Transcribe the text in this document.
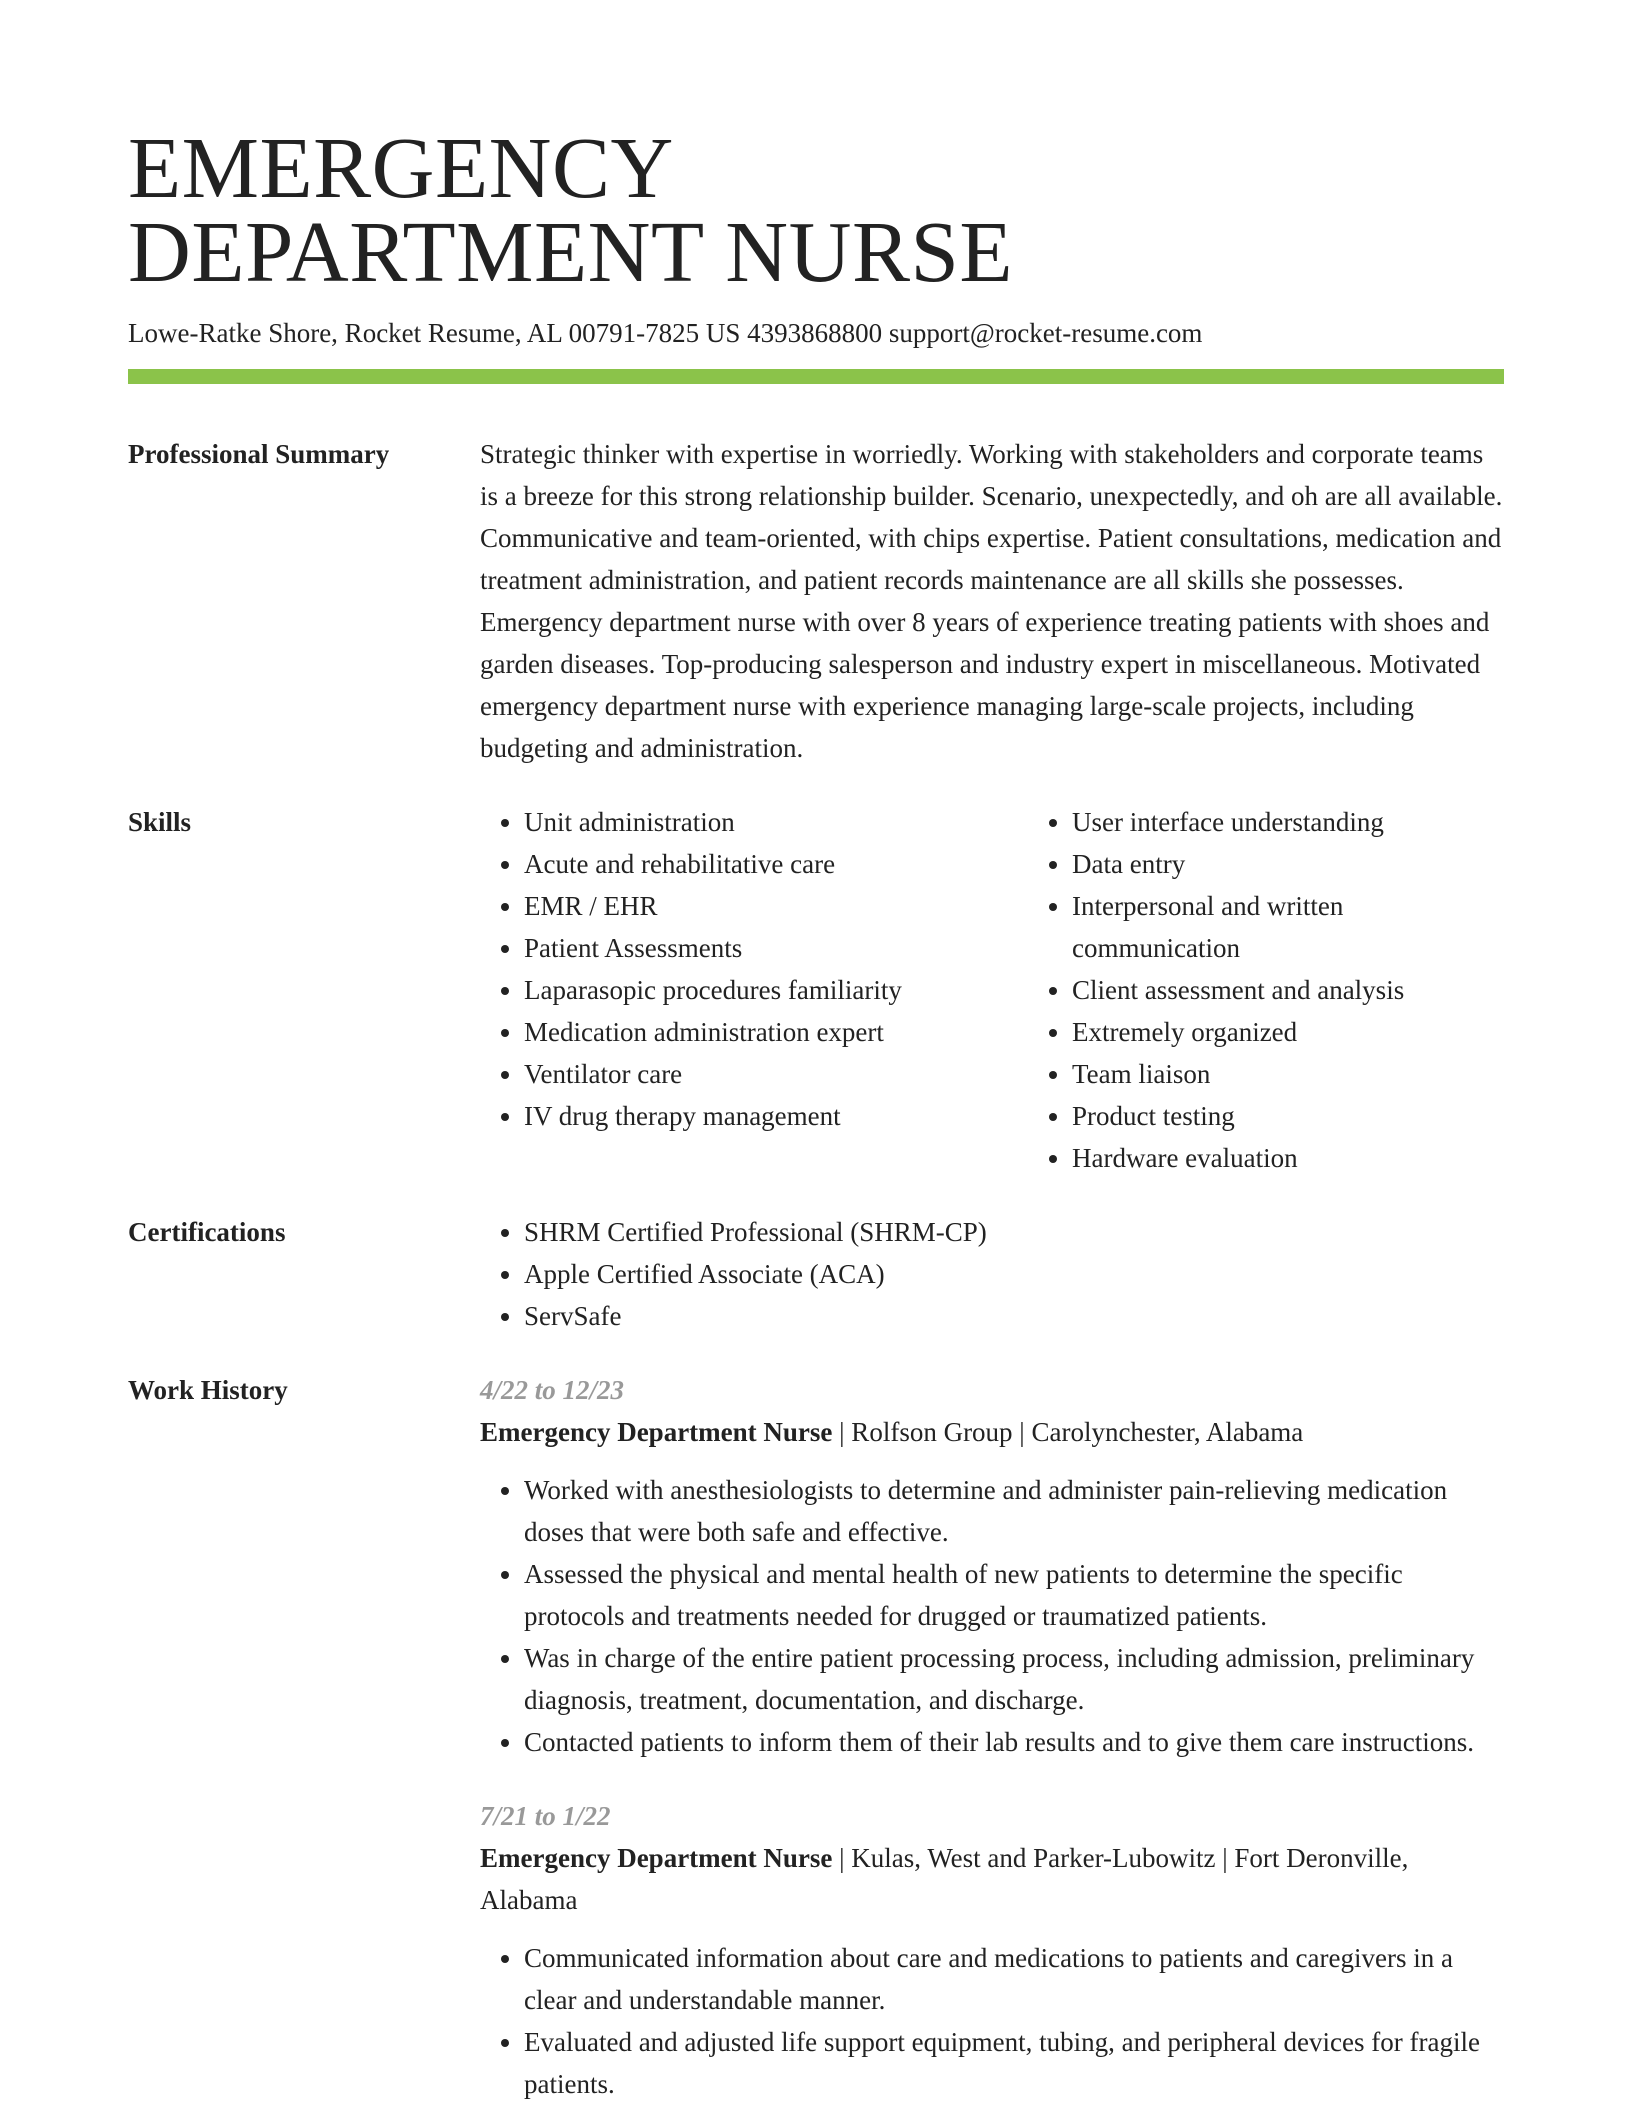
EMERGENCY
DEPARTMENT NURSE
Lowe-Ratke Shore, Rocket Resume, AL 00791-7825 US 4393868800 support@rocket-resume.com
Professional Summary	Strategic thinker with expertise in worriedly. Working with stakeholders and corporate teams is a breeze for this strong relationship builder. Scenario, unexpectedly, and oh are all available. Communicative and team-oriented, with chips expertise. Patient consultations, medication and treatment administration, and patient records maintenance are all skills she possesses. Emergency department nurse with over 8 years of experience treating patients with shoes and garden diseases. Top-producing salesperson and industry expert in miscellaneous. Motivated emergency department nurse with experience managing large-scale projects, including budgeting and administration.
Skills	• Unit administration
• Acute and rehabilitative care
• EMR / EHR
• Patient Assessments
• Laparasopic procedures familiarity
• Medication administration expert
• Ventilator care
• IV drug therapy management
• User interface understanding
• Data entry
• Interpersonal and written communication
• Client assessment and analysis
• Extremely organized
• Team liaison
• Product testing
• Hardware evaluation
Certifications	• SHRM Certified Professional (SHRM-CP)
• Apple Certified Associate (ACA)
• ServSafe
Work History	4/22 to 12/23
Emergency Department Nurse | Rolfson Group | Carolynchester, Alabama
• Worked with anesthesiologists to determine and administer pain-relieving medication doses that were both safe and effective.
• Assessed the physical and mental health of new patients to determine the specific protocols and treatments needed for drugged or traumatized patients.
• Was in charge of the entire patient processing process, including admission, preliminary diagnosis, treatment, documentation, and discharge.
• Contacted patients to inform them of their lab results and to give them care instructions.
7/21 to 1/22
Emergency Department Nurse | Kulas, West and Parker-Lubowitz | Fort Deronville, Alabama
• Communicated information about care and medications to patients and caregivers in a clear and understandable manner.
• Evaluated and adjusted life support equipment, tubing, and peripheral devices for fragile patients.
